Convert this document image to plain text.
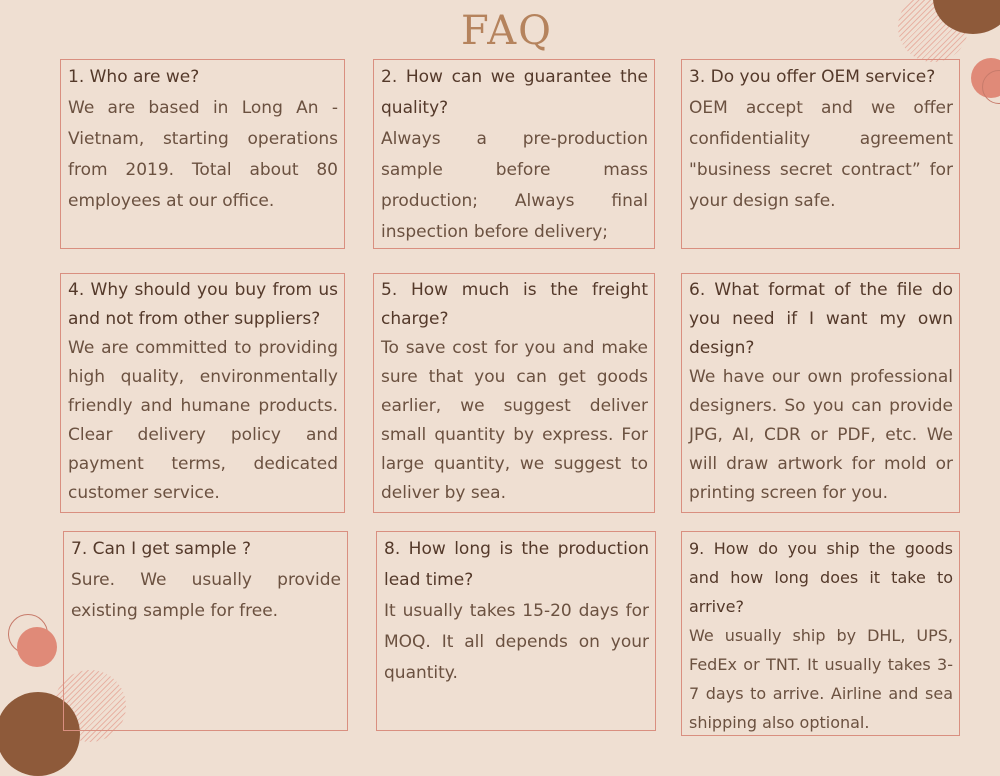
FAQ

1. Who are we?

We are based in Long An - Vietnam, starting operations from 2019. Total about 80 employees at our office.

2. How can we guarantee the quality?

Always a pre-production sample before mass production; Always final inspection before delivery;

3. Do you offer OEM service?

OEM accept and we offer confidentiality agreement "business secret contract” for your design safe.

4. Why should you buy from us and not from other suppliers?

We are committed to providing high quality, environmentally friendly and humane products. Clear delivery policy and payment terms, dedicated customer service.

5. How much is the freight charge?

To save cost for you and make sure that you can get goods earlier, we suggest deliver small quantity by express. For large quantity, we suggest to deliver by sea.

6. What format of the file do you need if I want my own design?

We have our own professional designers. So you can provide JPG, AI, CDR or PDF, etc. We will draw artwork for mold or printing screen for you.

7. Can I get sample ?

Sure. We usually provide existing sample for free.

8. How long is the production lead time?

It usually takes 15-20 days for MOQ. It all depends on your quantity.

9. How do you ship the goods and how long does it take to arrive?

We usually ship by DHL, UPS, FedEx or TNT. It usually takes 3-7 days to arrive. Airline and sea shipping also optional.
